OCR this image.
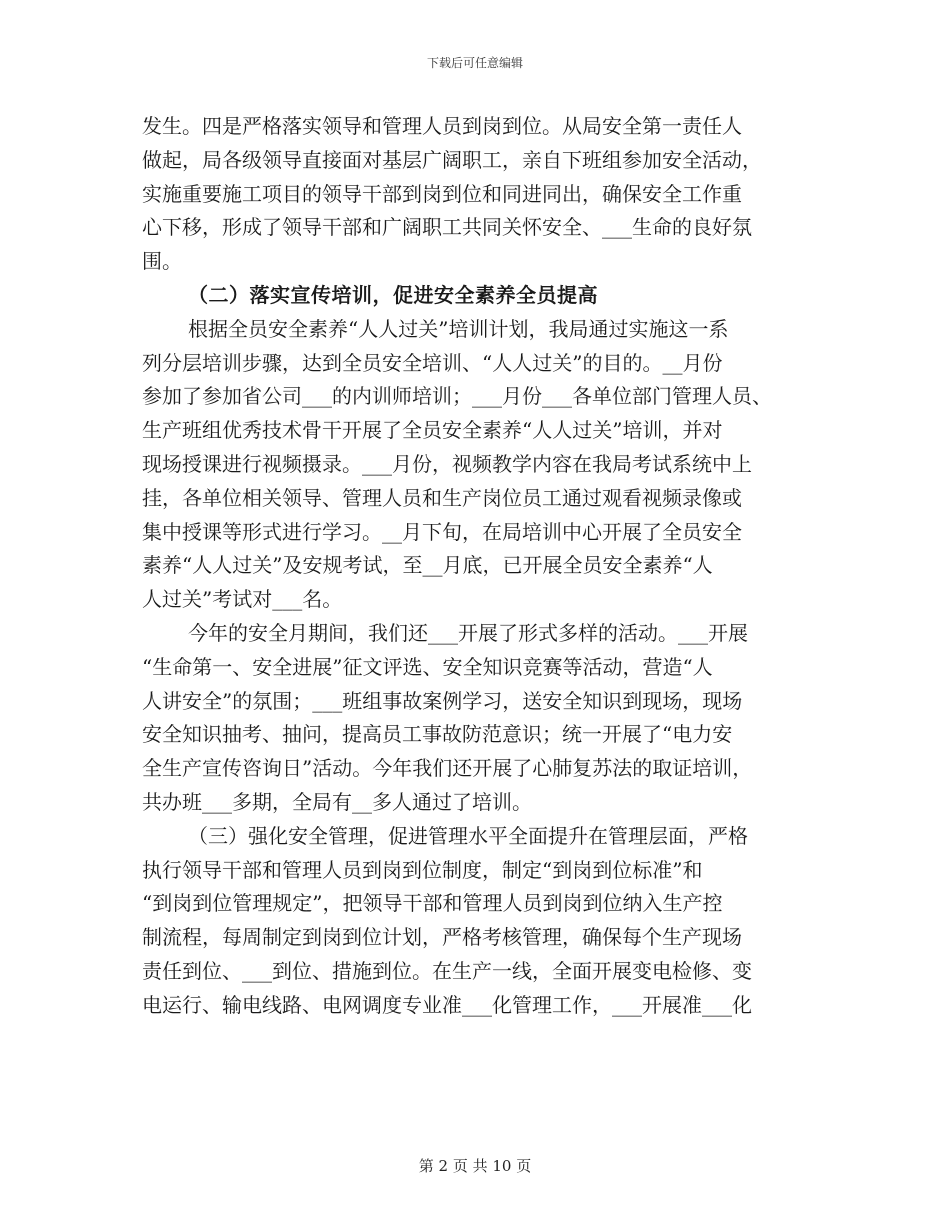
下载后可任意编辑
发生。四是严格落实领导和管理人员到岗到位。从局安全第一责任人
做起，局各级领导直接面对基层广阔职工，亲自下班组参加安全活动，
实施重要施工项目的领导干部到岗到位和同进同出，确保安全工作重
心下移，形成了领导干部和广阔职工共同关怀安全、___生命的良好氛
围。
（二）落实宣传培训，促进安全素养全员提高
根据全员安全素养“人人过关”培训计划，我局通过实施这一系
列分层培训步骤，达到全员安全培训、“人人过关”的目的。__月份
参加了参加省公司___的内训师培训；___月份___各单位部门管理人员、
生产班组优秀技术骨干开展了全员安全素养“人人过关”培训，并对
现场授课进行视频摄录。___月份，视频教学内容在我局考试系统中上
挂，各单位相关领导、管理人员和生产岗位员工通过观看视频录像或
集中授课等形式进行学习。__月下旬，在局培训中心开展了全员安全
素养“人人过关”及安规考试，至__月底，已开展全员安全素养“人
人过关”考试对___名。
今年的安全月期间，我们还___开展了形式多样的活动。___开展
“生命第一、安全进展”征文评选、安全知识竞赛等活动，营造“人
人讲安全”的氛围；___班组事故案例学习，送安全知识到现场，现场
安全知识抽考、抽问，提高员工事故防范意识；统一开展了“电力安
全生产宣传咨询日”活动。今年我们还开展了心肺复苏法的取证培训，
共办班___多期，全局有__多人通过了培训。
（三）强化安全管理，促进管理水平全面提升在管理层面，严格
执行领导干部和管理人员到岗到位制度，制定“到岗到位标准”和
“到岗到位管理规定”，把领导干部和管理人员到岗到位纳入生产控
制流程，每周制定到岗到位计划，严格考核管理，确保每个生产现场
责任到位、___到位、措施到位。在生产一线，全面开展变电检修、变
电运行、输电线路、电网调度专业准___化管理工作，___开展准___化
第 2 页 共 10 页
